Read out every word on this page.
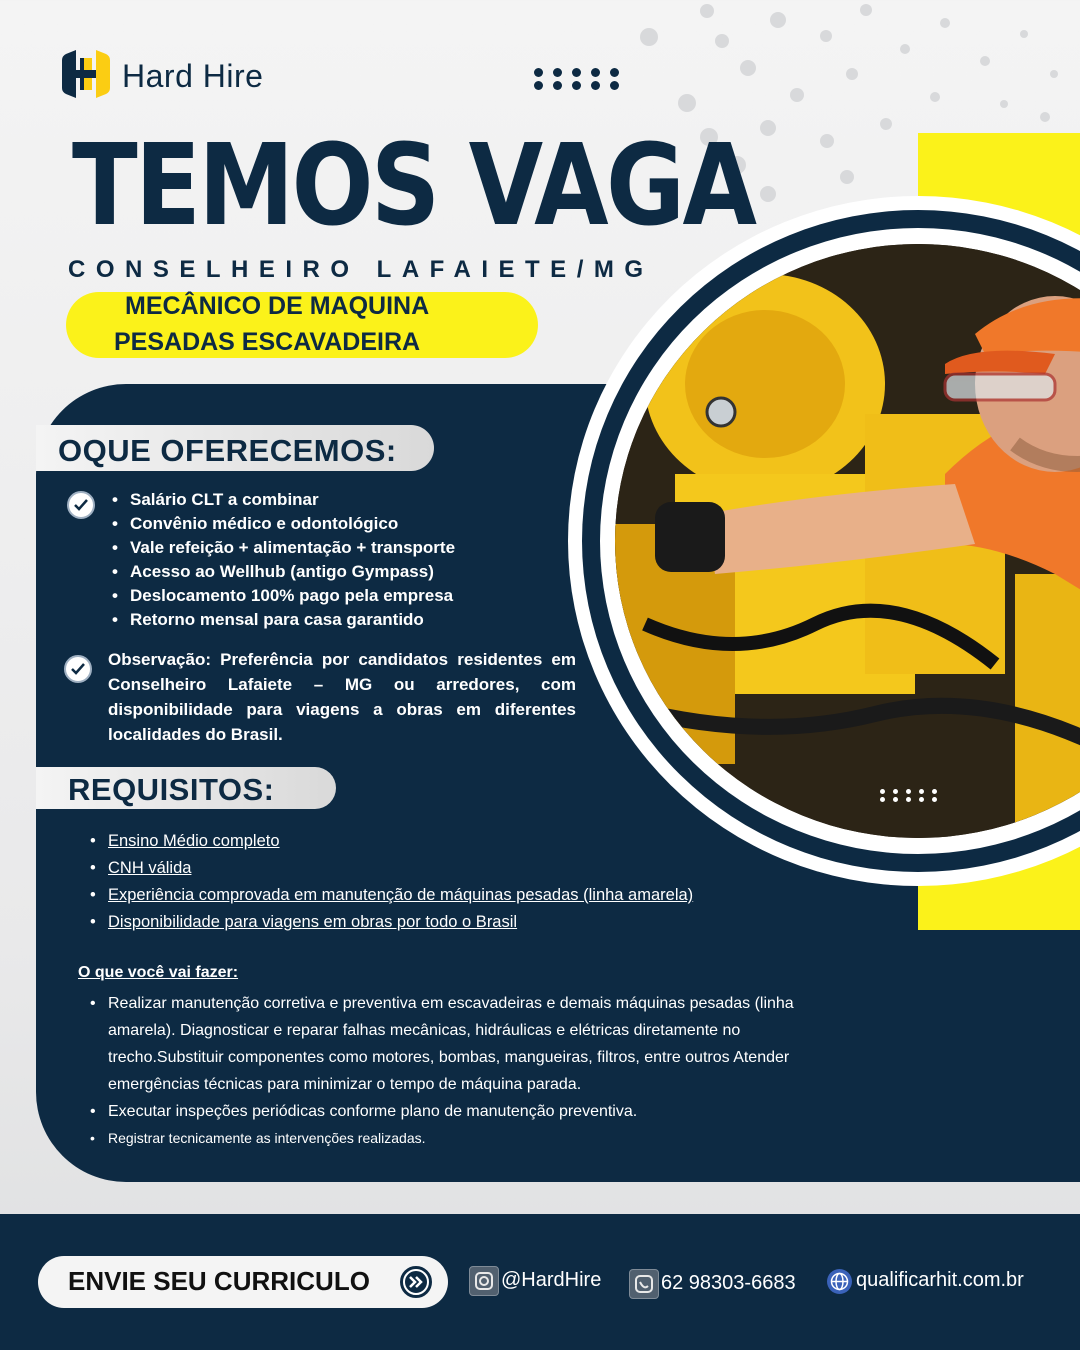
Hard Hire
TEMOS VAGA
CONSELHEIRO LAFAIETE/MG
MECÂNICO DE MAQUINA
PESADAS ESCAVADEIRA
OQUE OFERECEMOS:
• Salário CLT a combinar
• Convênio médico e odontológico
• Vale refeição + alimentação + transporte
• Acesso ao Wellhub (antigo Gympass)
• Deslocamento 100% pago pela empresa
• Retorno mensal para casa garantido
Observação: Preferência por candidatos residentes em Conselheiro Lafaiete – MG ou arredores, com disponibilidade para viagens a obras em diferentes localidades do Brasil.
REQUISITOS:
• Ensino Médio completo
• CNH válida
• Experiência comprovada em manutenção de máquinas pesadas (linha amarela)
• Disponibilidade para viagens em obras por todo o Brasil
O que você vai fazer:
• Realizar manutenção corretiva e preventiva em escavadeiras e demais máquinas pesadas (linha amarela). Diagnosticar e reparar falhas mecânicas, hidráulicas e elétricas diretamente no trecho.Substituir componentes como motores, bombas, mangueiras, filtros, entre outros Atender emergências técnicas para minimizar o tempo de máquina parada.
• Executar inspeções periódicas conforme plano de manutenção preventiva.
• Registrar tecnicamente as intervenções realizadas.
ENVIE SEU CURRICULO	@HardHire	62 98303-6683	qualificarhit.com.br
